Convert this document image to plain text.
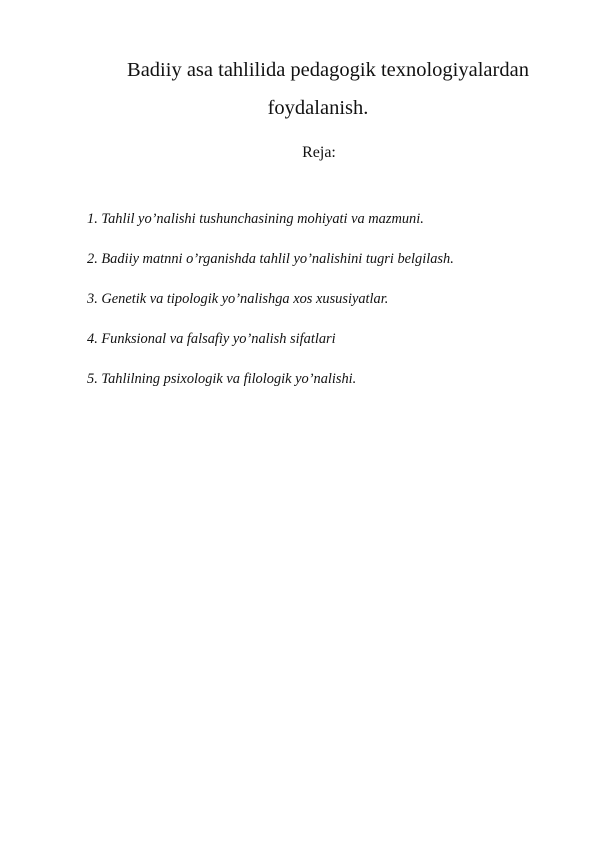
Badiiy asa tahlilida pedagogik texnologiyalardan
foydalanish.
Reja:
1. Tahlil yo’nalishi tushunchasining mohiyati va mazmuni.
2. Badiiy matnni o’rganishda tahlil yo’nalishini tugri belgilash.
3. Genetik va tipologik yo’nalishga xos xususiyatlar.
4. Funksional va falsafiy yo’nalish sifatlari
5. Tahlilning psixologik va filologik yo’nalishi.
